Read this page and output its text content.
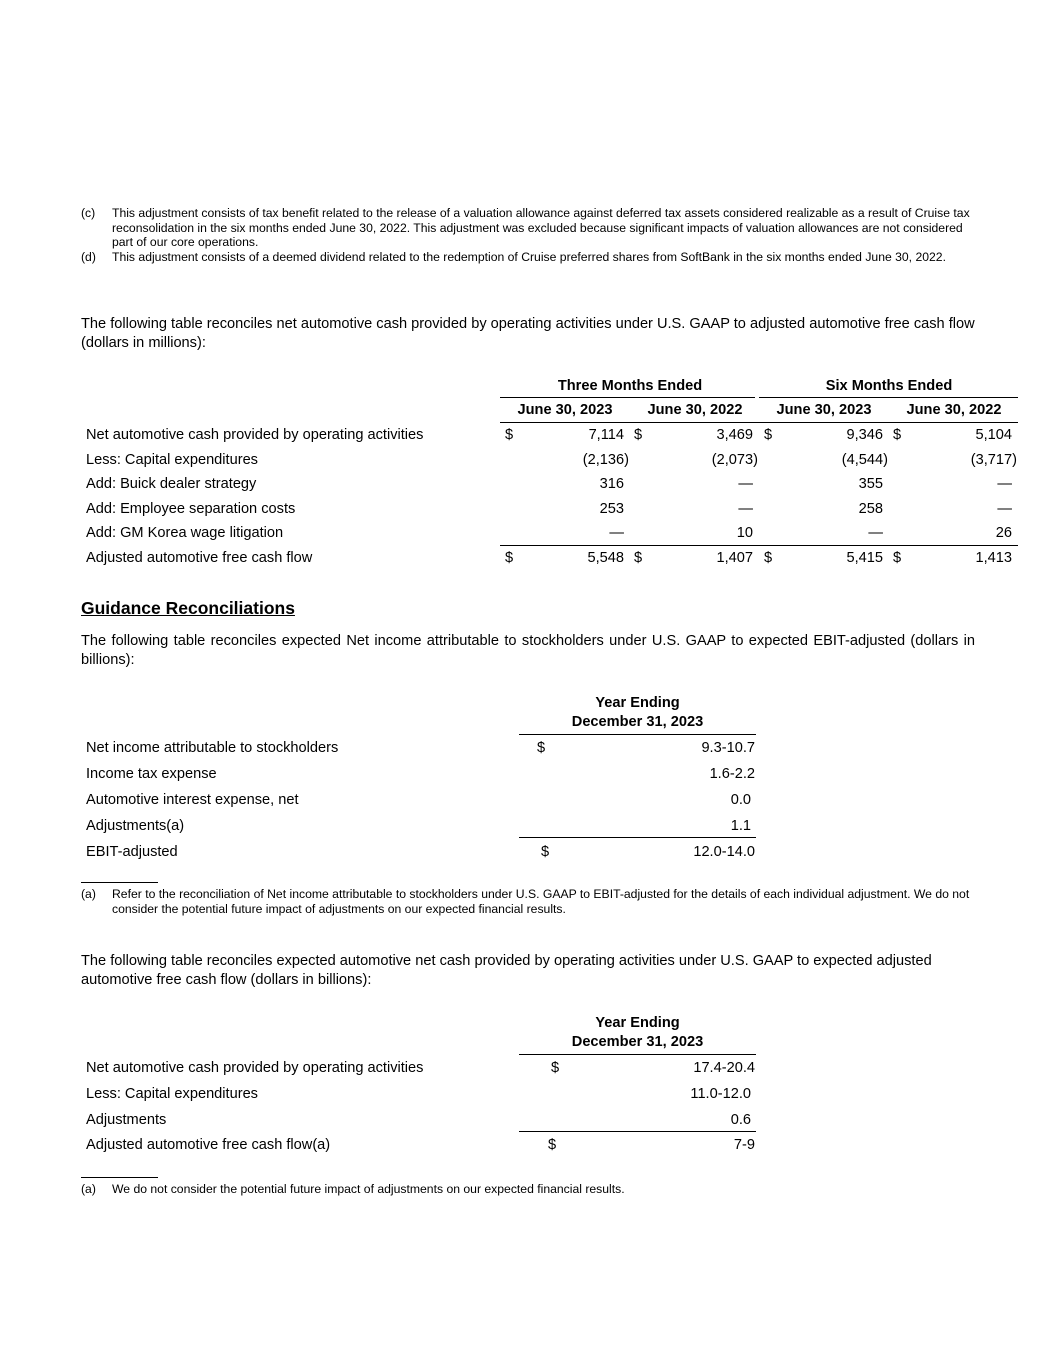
(c) This adjustment consists of tax benefit related to the release of a valuation allowance against deferred tax assets considered realizable as a result of Cruise tax reconsolidation in the six months ended June 30, 2022. This adjustment was excluded because significant impacts of valuation allowances are not considered part of our core operations.
(d) This adjustment consists of a deemed dividend related to the redemption of Cruise preferred shares from SoftBank in the six months ended June 30, 2022.
The following table reconciles net automotive cash provided by operating activities under U.S. GAAP to adjusted automotive free cash flow (dollars in millions):
Three Months Ended	Six Months Ended
June 30, 2023	June 30, 2022	June 30, 2023	June 30, 2022
Net automotive cash provided by operating activities	$	7,114 $	3,469 $	9,346 $	5,104
Less: Capital expenditures	(2,136)	(2,073)	(4,544)	(3,717)
Add: Buick dealer strategy	316	—	355	—
Add: Employee separation costs	253	—	258	—
Add: GM Korea wage litigation	—	10	—	26
Adjusted automotive free cash flow	$	5,548 $	1,407 $	5,415 $	1,413
Guidance Reconciliations
The following table reconciles expected Net income attributable to stockholders under U.S. GAAP to expected EBIT-adjusted (dollars in billions):
Year Ending
December 31, 2023
Net income attributable to stockholders	$	9.3-10.7
Income tax expense	1.6-2.2
Automotive interest expense, net	0.0
Adjustments(a)	1.1
EBIT-adjusted	$	12.0-14.0
(a) Refer to the reconciliation of Net income attributable to stockholders under U.S. GAAP to EBIT-adjusted for the details of each individual adjustment. We do not consider the potential future impact of adjustments on our expected financial results.
The following table reconciles expected automotive net cash provided by operating activities under U.S. GAAP to expected adjusted automotive free cash flow (dollars in billions):
Year Ending
December 31, 2023
Net automotive cash provided by operating activities	$	17.4-20.4
Less: Capital expenditures	11.0-12.0
Adjustments	0.6
Adjusted automotive free cash flow(a)	$	7-9
(a) We do not consider the potential future impact of adjustments on our expected financial results.
